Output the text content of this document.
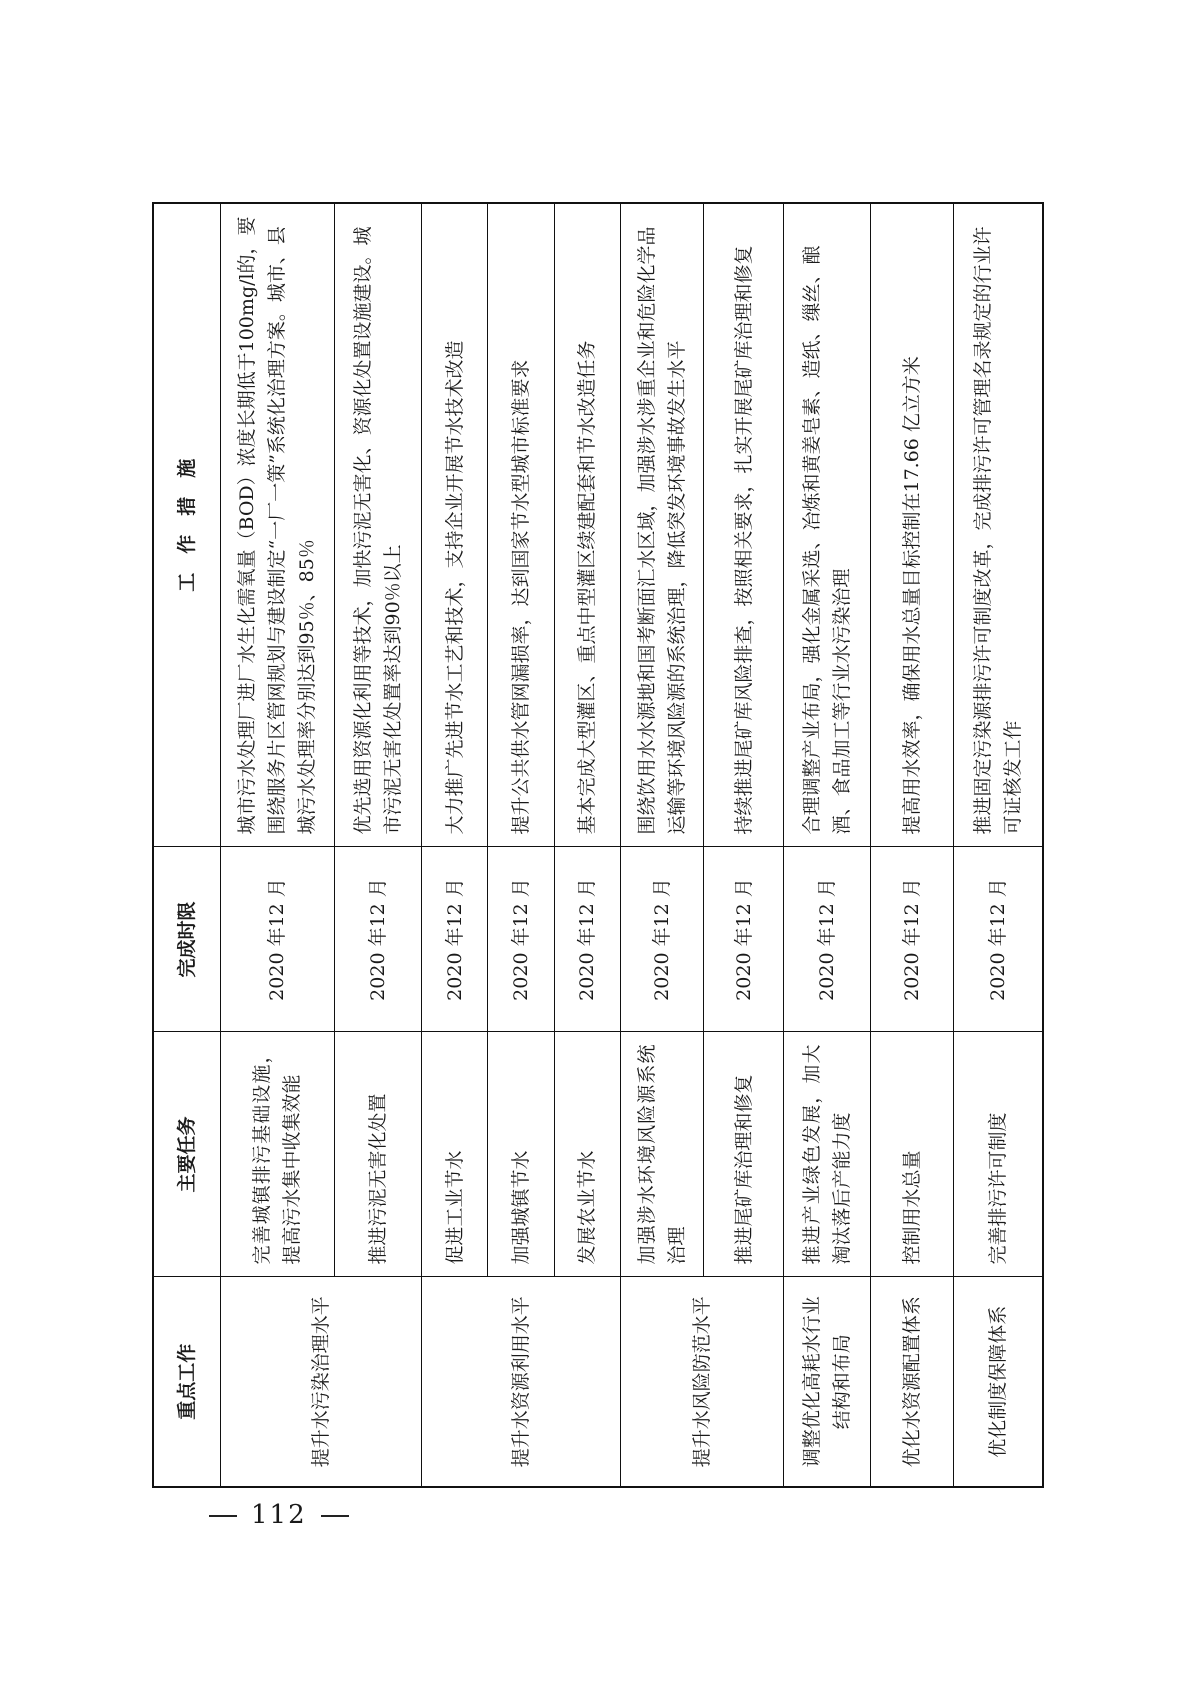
重点工作	主要任务	完成时限	工　作　措　施
提升水污染治理水平	完善城镇排污基础设施，提高污水集中收集效能	2020 年12 月	城市污水处理厂进厂水生化需氧量（BOD）浓度长期低于100mg/l的，要围绕服务片区管网规划与建设制定“一厂一策”系统化治理方案。城市、县城污水处理率分别达到95％、85％
	推进污泥无害化处置	2020 年12 月	优先选用资源化利用等技术，加快污泥无害化、资源化处置设施建设。城市污泥无害化处置率达到90％以上
提升水资源利用水平	促进工业节水	2020 年12 月	大力推广先进节水工艺和技术，支持企业开展节水技术改造
	加强城镇节水	2020 年12 月	提升公共供水管网漏损率，达到国家节水型城市标准要求
	发展农业节水	2020 年12 月	基本完成大型灌区、重点中型灌区续建配套和节水改造任务
提升水风险防范水平	加强涉水环境风险源系统治理	2020 年12 月	围绕饮用水水源地和国考断面汇水区域，加强涉水涉重企业和危险化学品运输等环境风险源的系统治理，降低突发环境事故发生水平
	推进尾矿库治理和修复	2020 年12 月	持续推进尾矿库风险排查，按照相关要求，扎实开展尾矿库治理和修复
调整优化高耗水行业结构和布局	推进产业绿色发展，加大淘汰落后产能力度	2020 年12 月	合理调整产业布局，强化金属采选、冶炼和黄姜皂素、造纸、缫丝、酿酒、食品加工等行业水污染治理
优化水资源配置体系	控制用水总量	2020 年12 月	提高用水效率，确保用水总量目标控制在17.66 亿立方米
优化制度保障体系	完善排污许可制度	2020 年12 月	推进固定污染源排污许可制度改革，完成排污许可管理名录规定的行业许可证核发工作
112
